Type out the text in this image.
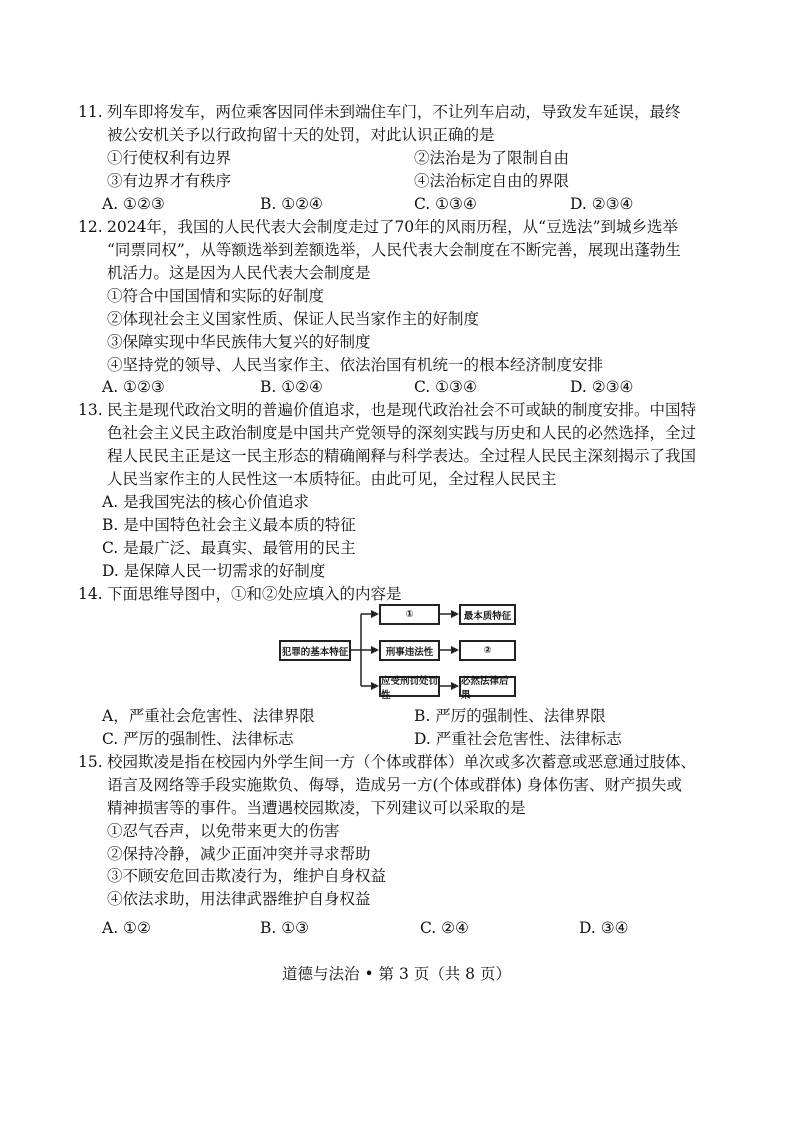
11. 列车即将发车，两位乘客因同伴未到端住车门，不让列车启动，导致发车延误，最终
被公安机关予以行政拘留十天的处罚，对此认识正确的是
①行使权利有边界	②法治是为了限制自由
③有边界才有秩序	④法治标定自由的界限
A. ①②③	B. ①②④	C. ①③④	D. ②③④
12. 2024年，我国的人民代表大会制度走过了70年的风雨历程，从“豆选法”到城乡选举
“同票同权”，从等额选举到差额选举，人民代表大会制度在不断完善，展现出蓬勃生
机活力。这是因为人民代表大会制度是
①符合中国国情和实际的好制度
②体现社会主义国家性质、保证人民当家作主的好制度
③保障实现中华民族伟大复兴的好制度
④坚持党的领导、人民当家作主、依法治国有机统一的根本经济制度安排
A. ①②③	B. ①②④	C. ①③④	D. ②③④
13. 民主是现代政治文明的普遍价值追求，也是现代政治社会不可或缺的制度安排。中国特
色社会主义民主政治制度是中国共产党领导的深刻实践与历史和人民的必然选择，全过
程人民民主正是这一民主形态的精确阐释与科学表达。全过程人民民主深刻揭示了我国
人民当家作主的人民性这一本质特征。由此可见，全过程人民民主
A. 是我国宪法的核心价值追求
B. 是中国特色社会主义最本质的特征
C. 是最广泛、最真实、最管用的民主
D. 是保障人民一切需求的好制度
14. 下面思维导图中，①和②处应填入的内容是
犯罪的基本特征
①
刑事违法性
应受刑罚处罚性
最本质特征
②
必然法律后果
A，严重社会危害性、法律界限	B. 严厉的强制性、法律界限
C. 严厉的强制性、法律标志	D. 严重社会危害性、法律标志
15. 校园欺凌是指在校园内外学生间一方（个体或群体）单次或多次蓄意或恶意通过肢体、
语言及网络等手段实施欺负、侮辱，造成另一方(个体或群体) 身体伤害、财产损失或
精神损害等的事件。当遭遇校园欺凌，下列建议可以采取的是
①忍气吞声，以免带来更大的伤害
②保持冷静，减少正面冲突并寻求帮助
③不顾安危回击欺凌行为，维护自身权益
④依法求助，用法律武器维护自身权益
A. ①②	B. ①③	C. ②④	D. ③④
道德与法治 • 第 3 页（共 8 页）
